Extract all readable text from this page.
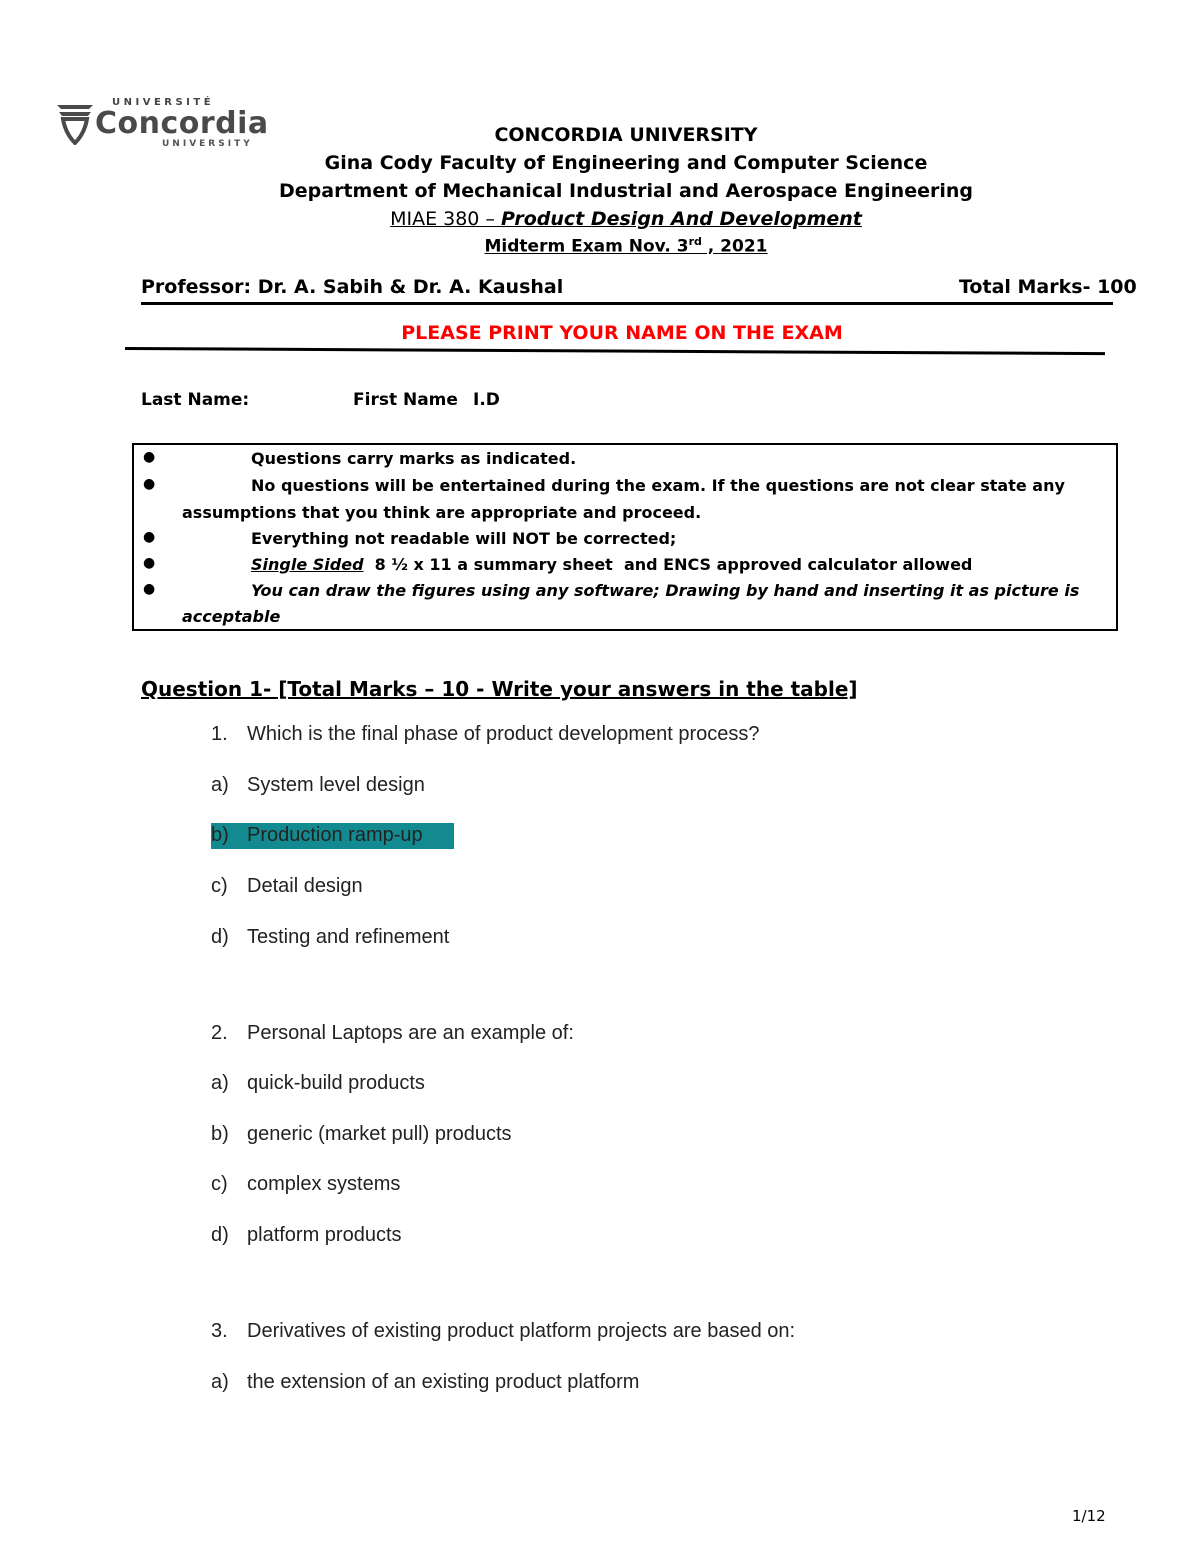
UNIVERSITÉ
Concordia
UNIVERSITY	CONCORDIA UNIVERSITY
Gina Cody Faculty of Engineering and Computer Science
Department of Mechanical Industrial and Aerospace Engineering
MIAE 380 – Product Design And Development
Midterm Exam Nov. 3rd , 2021
Professor: Dr. A. Sabih & Dr. A. Kaushal	Total Marks- 100
PLEASE PRINT YOUR NAME ON THE EXAM
Last Name:	First Name I.D
●	Questions carry marks as indicated.
●	No questions will be entertained during the exam. If the questions are not clear state any
assumptions that you think are appropriate and proceed.
●	Everything not readable will NOT be corrected;
●	Single Sided  8 ½ x 11 a summary sheet  and ENCS approved calculator allowed
●	You can draw the figures using any software; Drawing by hand and inserting it as picture is
acceptable
Question 1- [Total Marks – 10 - Write your answers in the table]
1. Which is the final phase of product development process?
a) System level design
b) Production ramp-up
c) Detail design
d) Testing and refinement
2. Personal Laptops are an example of:
a) quick-build products
b) generic (market pull) products
c) complex systems
d) platform products
3. Derivatives of existing product platform projects are based on:
a) the extension of an existing product platform
1/12
